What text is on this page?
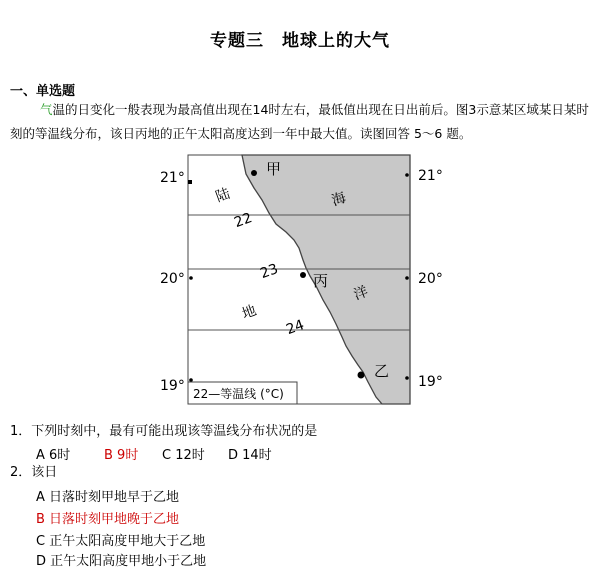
专题三　地球上的大气
一、单选题
气温的日变化一般表现为最高值出现在14时左右，最低值出现在日出前后。图3示意某区域某日某时刻的等温线分布，该日丙地的正午太阳高度达到一年中最大值。读图回答 5～6 题。
21°	21°
20°	20°
19°	19°
甲
丙
乙
陆
地
海
洋
22
23
24
22—等温线 (°C)
1．下列时刻中，最有可能出现该等温线分布状况的是
A 6时	B 9时 C 12时 D 14时
2．该日
A 日落时刻甲地早于乙地
B 日落时刻甲地晚于乙地
C 正午太阳高度甲地大于乙地
D 正午太阳高度甲地小于乙地
